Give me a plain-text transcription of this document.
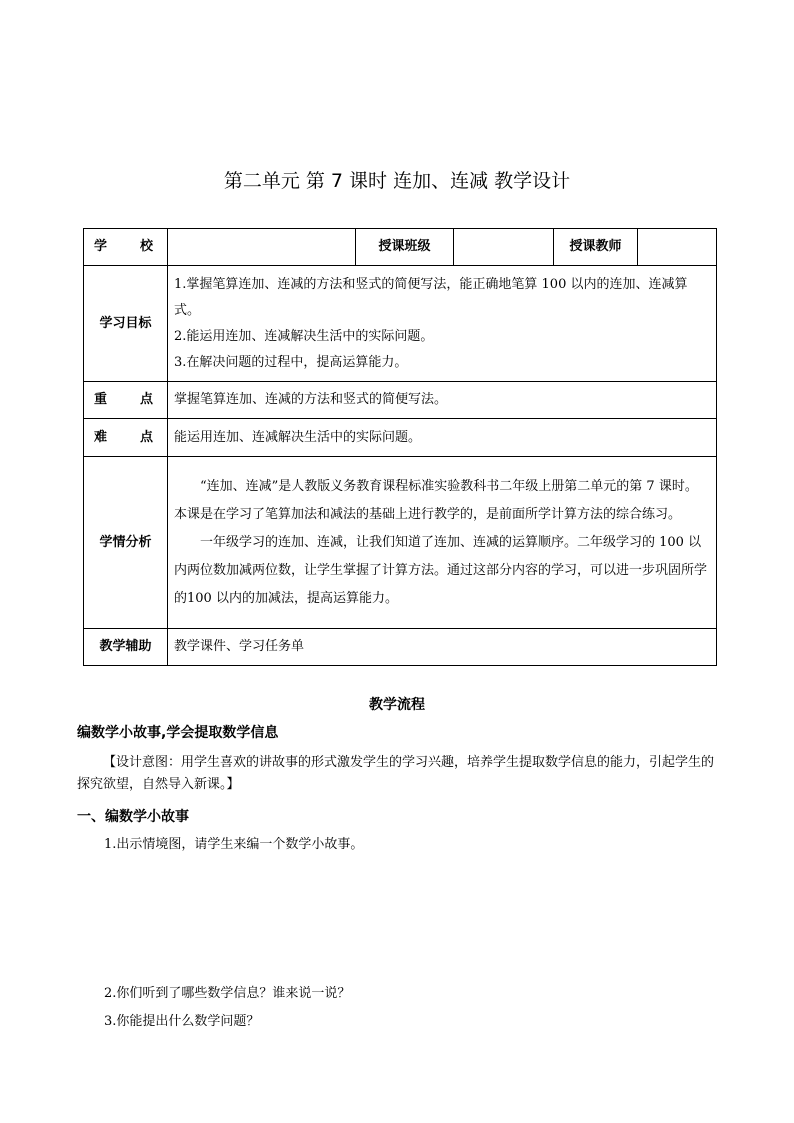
第二单元 第 7 课时 连加、连减 教学设计
学 校		授课班级		授课教师	
学习目标	1.掌握笔算连加、连减的方法和竖式的简便写法，能正确地笔算 100 以内的连加、连减算式。
2.能运用连加、连减解决生活中的实际问题。
3.在解决问题的过程中，提高运算能力。				

重 点	掌握笔算连加、连减的方法和竖式的简便写法。				

难 点	能运用连加、连减解决生活中的实际问题。				
学情分析	“连加、连减”是人教版义务教育课程标准实验教科书二年级上册第二单元的第 7 课时。本课是在学习了笔算加法和减法的基础上进行教学的，是前面所学计算方法的综合练习。
一年级学习的连加、连减，让我们知道了连加、连减的运算顺序。二年级学习的 100 以内两位数加减两位数，让学生掌握了计算方法。通过这部分内容的学习，可以进一步巩固所学的100 以内的加减法，提高运算能力。				

教学辅助	教学课件、学习任务单				
教学流程
编数学小故事,学会提取数学信息
【设计意图：用学生喜欢的讲故事的形式激发学生的学习兴趣，培养学生提取数学信息的能力，引起学生的探究欲望，自然导入新课。】
一、编数学小故事
1.出示情境图，请学生来编一个数学小故事。
2.你们听到了哪些数学信息？谁来说一说？
3.你能提出什么数学问题？
